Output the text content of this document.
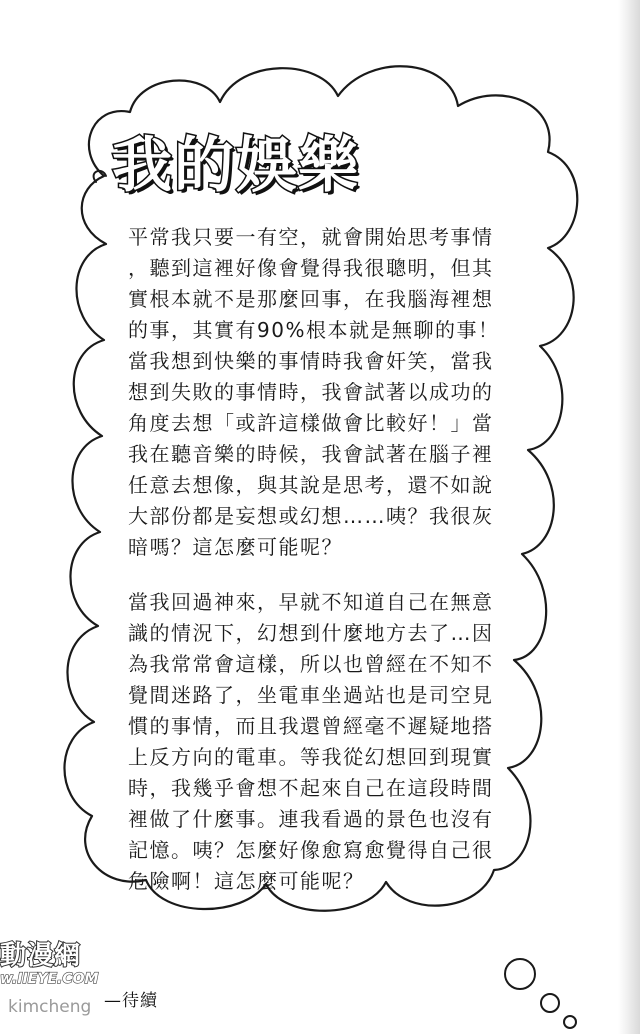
我的娛樂

平常我只要一有空，就會開始思考事情
，聽到這裡好像會覺得我很聰明，但其
實根本就不是那麼回事，在我腦海裡想
的事，其實有90%根本就是無聊的事！
當我想到快樂的事情時我會奸笑，當我
想到失敗的事情時，我會試著以成功的
角度去想「或許這樣做會比較好！」當
我在聽音樂的時候，我會試著在腦子裡
任意去想像，與其說是思考，還不如說
大部份都是妄想或幻想……咦？我很灰
暗嗎？這怎麼可能呢？

當我回過神來，早就不知道自己在無意
識的情況下，幻想到什麼地方去了…因
為我常常會這樣，所以也曾經在不知不
覺間迷路了，坐電車坐過站也是司空見
慣的事情，而且我還曾經毫不遲疑地搭
上反方向的電車。等我從幻想回到現實
時，我幾乎會想不起來自己在這段時間
裡做了什麼事。連我看過的景色也沒有
記憶。咦？怎麼好像愈寫愈覺得自己很
危險啊！這怎麼可能呢？

動漫網
w.IIEYE.COM
kimcheng —待續
